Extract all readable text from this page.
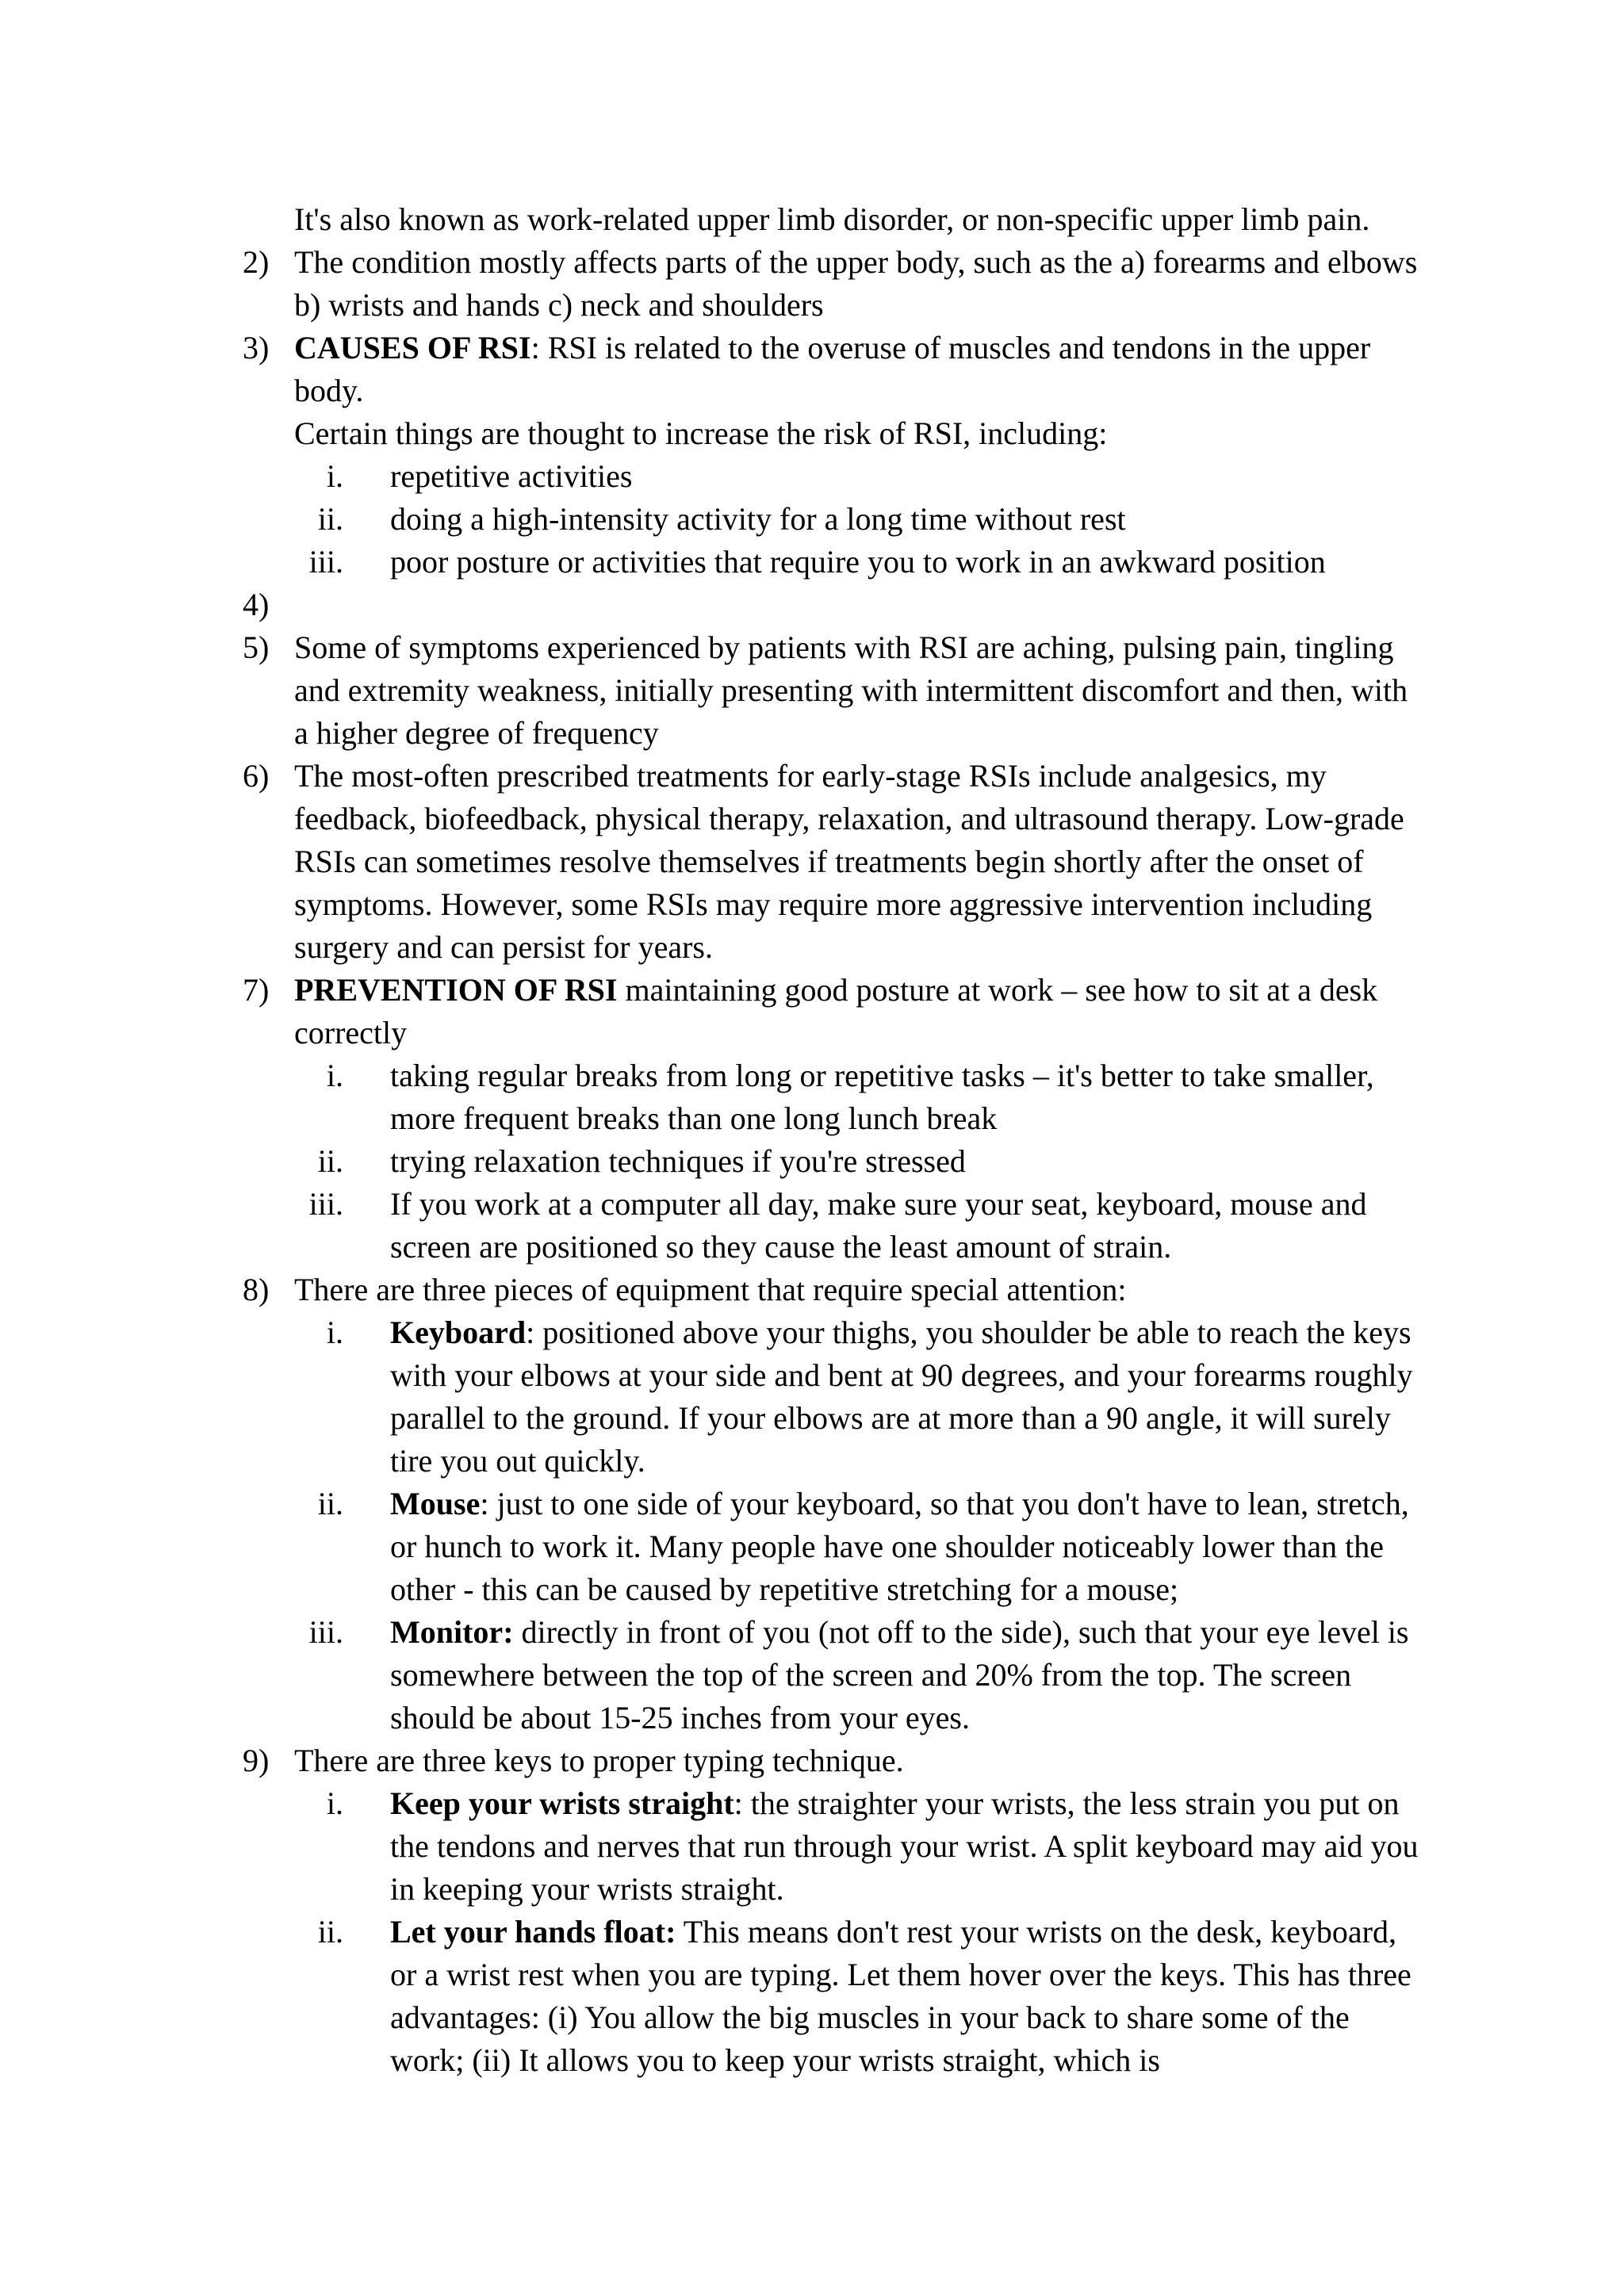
It's also known as work-related upper limb disorder, or non-specific upper limb pain.
2) The condition mostly affects parts of the upper body, such as the a) forearms and elbows b) wrists and hands c) neck and shoulders
3) CAUSES OF RSI: RSI is related to the overuse of muscles and tendons in the upper body.
Certain things are thought to increase the risk of RSI, including:
i. repetitive activities
ii. doing a high-intensity activity for a long time without rest
iii. poor posture or activities that require you to work in an awkward position
4)
5) Some of symptoms experienced by patients with RSI are aching, pulsing pain, tingling and extremity weakness, initially presenting with intermittent discomfort and then, with a higher degree of frequency
6) The most-often prescribed treatments for early-stage RSIs include analgesics, my feedback, biofeedback, physical therapy, relaxation, and ultrasound therapy. Low-grade RSIs can sometimes resolve themselves if treatments begin shortly after the onset of symptoms. However, some RSIs may require more aggressive intervention including surgery and can persist for years.
7) PREVENTION OF RSI maintaining good posture at work – see how to sit at a desk correctly
i. taking regular breaks from long or repetitive tasks – it's better to take smaller, more frequent breaks than one long lunch break
ii. trying relaxation techniques if you're stressed
iii. If you work at a computer all day, make sure your seat, keyboard, mouse and screen are positioned so they cause the least amount of strain.
8) There are three pieces of equipment that require special attention:
i. Keyboard: positioned above your thighs, you shoulder be able to reach the keys with your elbows at your side and bent at 90 degrees, and your forearms roughly parallel to the ground. If your elbows are at more than a 90 angle, it will surely tire you out quickly.
ii. Mouse: just to one side of your keyboard, so that you don't have to lean, stretch, or hunch to work it. Many people have one shoulder noticeably lower than the other - this can be caused by repetitive stretching for a mouse;
iii. Monitor: directly in front of you (not off to the side), such that your eye level is somewhere between the top of the screen and 20% from the top. The screen should be about 15-25 inches from your eyes.
9) There are three keys to proper typing technique.
i. Keep your wrists straight: the straighter your wrists, the less strain you put on the tendons and nerves that run through your wrist. A split keyboard may aid you in keeping your wrists straight.
ii. Let your hands float: This means don't rest your wrists on the desk, keyboard, or a wrist rest when you are typing. Let them hover over the keys. This has three advantages: (i) You allow the big muscles in your back to share some of the work; (ii) It allows you to keep your wrists straight, which is
